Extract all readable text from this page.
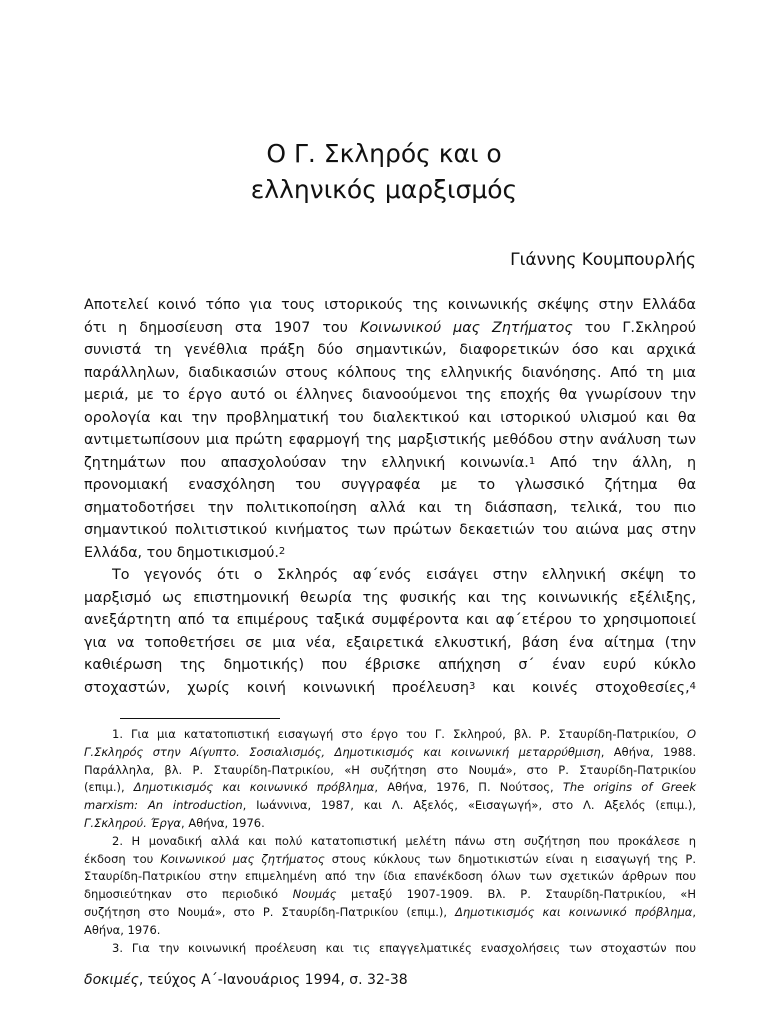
Ο Γ. Σκληρός και ο
ελληνικός μαρξισμός
Γιάννης Κουμπουρλής
Αποτελεί κοινό τόπο για τους ιστορικούς της κοινωνικής σκέψης στην Ελλάδα
ότι η δημοσίευση στα 1907 του Κοινωνικού μας Ζητήματος του Γ.Σκληρού
συνιστά τη γενέθλια πράξη δύο σημαντικών, διαφορετικών όσο και αρχικά
παράλληλων, διαδικασιών στους κόλπους της ελληνικής διανόησης. Από τη μια
μεριά, με το έργο αυτό οι έλληνες διανοούμενοι της εποχής θα γνωρίσουν την
ορολογία και την προβληματική του διαλεκτικού και ιστορικού υλισμού και θα
αντιμετωπίσουν μια πρώτη εφαρμογή της μαρξιστικής μεθόδου στην ανάλυση των
ζητημάτων που απασχολούσαν την ελληνική κοινωνία.$^1$ Από την άλλη, η
προνομιακή ενασχόληση του συγγραφέα με το γλωσσικό ζήτημα θα
σηματοδοτήσει την πολιτικοποίηση αλλά και τη διάσπαση, τελικά, του πιο
σημαντικού πολιτιστικού κινήματος των πρώτων δεκαετιών του αιώνα μας στην
Ελλάδα, του δημοτικισμού.$^2$
Το γεγονός ότι ο Σκληρός αφ΄ενός εισάγει στην ελληνική σκέψη το
μαρξισμό ως επιστημονική θεωρία της φυσικής και της κοινωνικής εξέλιξης,
ανεξάρτητη από τα επιμέρους ταξικά συμφέροντα και αφ΄ετέρου το χρησιμοποιεί
για να τοποθετήσει σε μια νέα, εξαιρετικά ελκυστική, βάση ένα αίτημα (την
καθιέρωση της δημοτικής) που έβρισκε απήχηση σ΄ έναν ευρύ κύκλο
στοχαστών, χωρίς κοινή κοινωνική προέλευση$^3$ και κοινές στοχοθεσίες,$^4$
1. Για μια κατατοπιστική εισαγωγή στο έργο του Γ. Σκληρού, βλ. Ρ. Σταυρίδη-Πατρικίου, Ο
Γ.Σκληρός στην Αίγυπτο. Σοσιαλισμός, Δημοτικισμός και κοινωνική μεταρρύθμιση, Αθήνα, 1988.
Παράλληλα, βλ. Ρ. Σταυρίδη-Πατρικίου, «Η συζήτηση στο Νουμά», στο Ρ. Σταυρίδη-Πατρικίου
(επιμ.), Δημοτικισμός και κοινωνικό πρόβλημα, Αθήνα, 1976, Π. Νούτσος, The origins of Greek
marxism: An introduction, Ιωάννινα, 1987, και Λ. Αξελός, «Εισαγωγή», στο Λ. Αξελός (επιμ.),
Γ.Σκληρού. Έργα, Αθήνα, 1976.
2. Η μοναδική αλλά και πολύ κατατοπιστική μελέτη πάνω στη συζήτηση που προκάλεσε η
έκδοση του Κοινωνικού μας ζητήματος στους κύκλους των δημοτικιστών είναι η εισαγωγή της Ρ.
Σταυρίδη-Πατρικίου στην επιμελημένη από την ίδια επανέκδοση όλων των σχετικών άρθρων που
δημοσιεύτηκαν στο περιοδικό Νουμάς μεταξύ 1907-1909. Βλ. Ρ. Σταυρίδη-Πατρικίου, «Η
συζήτηση στο Νουμά», στο Ρ. Σταυρίδη-Πατρικίου (επιμ.), Δημοτικισμός και κοινωνικό πρόβλημα,
Αθήνα, 1976.
3. Για την κοινωνική προέλευση και τις επαγγελματικές ενασχολήσεις των στοχαστών που
δοκιμές, τεύχος Α΄-Ιανουάριος 1994, σ. 32-38
